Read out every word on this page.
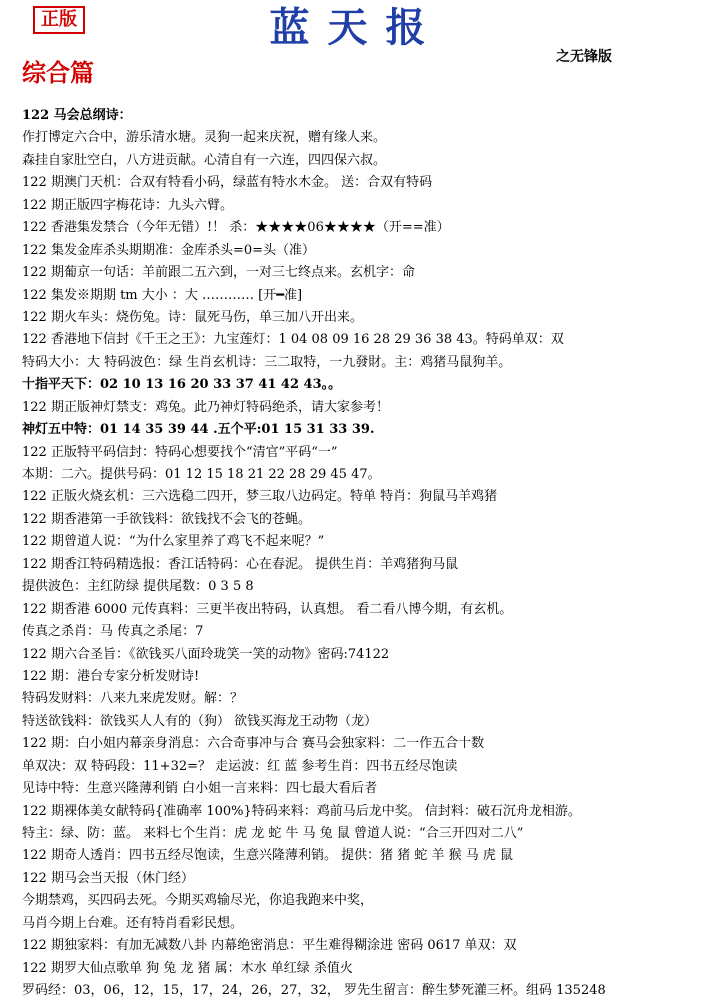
正版	蓝天报
之无锋版
综合篇
122 马会总纲诗：
作打博定六合中，游乐清水塘。灵狗一起来庆祝，赠有缘人来。
森挂自家肚空白，八方进贡献。心清自有一六连，四四保六叔。
122 期澳门天机：合双有特看小码，绿蓝有特水木金。 送：合双有特码
122 期正版四字梅花诗：九头六臂。
122 香港集发禁合（今年无错）!！ 杀：★★★★06★★★★（开==准）
122 集发金库杀头期期准：金库杀头=0=头（准）
122 期葡京一句话：羊前跟二五六到，一对三七终点来。玄机字：命
122 集发※期期 tm 大小 ：大 ………… [开━准]
122 期火车头：烧伤兔。诗：鼠死马伤，单三加八开出来。
122 香港地下信封《千王之王》：九宝莲灯：1 04 08 09 16 28 29 36 38 43。特码单双：双
特码大小：大 特码波色：绿 生肖玄机诗：三二取特，一九發財。主：鸡猪马鼠狗羊。
十指平天下：02 10 13 16 20 33 37 41 42 43。。
122 期正版神灯禁支：鸡兔。此乃神灯特码绝杀，请大家参考！
神灯五中特：01 14 35 39 44 .五个平:01 15 31 33 39.
122 正版特平码信封：特码心想要找个“清官”平码“一”
本期：二六。提供号码：01 12 15 18 21 22 28 29 45 47。
122 正版火烧玄机：三六选稳二四开，梦三取八边码定。特单 特肖：狗鼠马羊鸡猪
122 期香港第一手欲钱料：欲钱找不会飞的苍蝇。
122 期曾道人说：“为什么家里养了鸡飞不起来呢？”
122 期香江特码精选报：香江话特码：心在春泥。 提供生肖：羊鸡猪狗马鼠
提供波色：主红防绿 提供尾数：0 3 5 8
122 期香港 6000 元传真料：三更半夜出特码，认真想。 看二看八博今期，有玄机。
传真之杀肖：马 传真之杀尾：7
122 期六合圣旨：《欲钱买八面玲珑笑一笑的动物》密码:74122
122 期：港台专家分析发财诗!
特码发财料：八来九来虎发财。解：？
特送欲钱料：欲钱买人人有的（狗） 欲钱买海龙王动物（龙）
122 期：白小姐内幕亲身消息：六合奇事冲与合 赛马会独家料：二一作五合十数
单双决：双 特码段：11+32=？ 走运波：红 蓝 参考生肖：四书五经尽饱读
见诗中特：生意兴隆薄利销 白小姐一言来料：四七最大看后者
122 期裸体美女献特码{准确率 100%}特码来料：鸡前马后龙中奖。 信封料：破石沉舟龙相游。
特主：绿、防：蓝。 来料七个生肖：虎 龙 蛇 牛 马 兔 鼠 曾道人说：“合三开四对二八”
122 期奇人透肖：四书五经尽饱读，生意兴隆薄利销。 提供：猪 猪 蛇 羊 猴 马 虎 鼠
122 期马会当天报（休门经）
今期禁鸡，买四码去死。今期买鸡输尽光，你追我跑来中奖，
马肖今期上台难。还有特肖看彩民想。
122 期独家料：有加无减数八卦 内幕绝密消息：平生难得糊涂进 密码 0617 单双：双
122 期罗大仙点歌单 狗 兔 龙 猪 属：木水 单红绿 杀值火
罗码经：03，06，12，15，17，24，26，27，32， 罗先生留言：醉生梦死灌三杯。组码 135248
